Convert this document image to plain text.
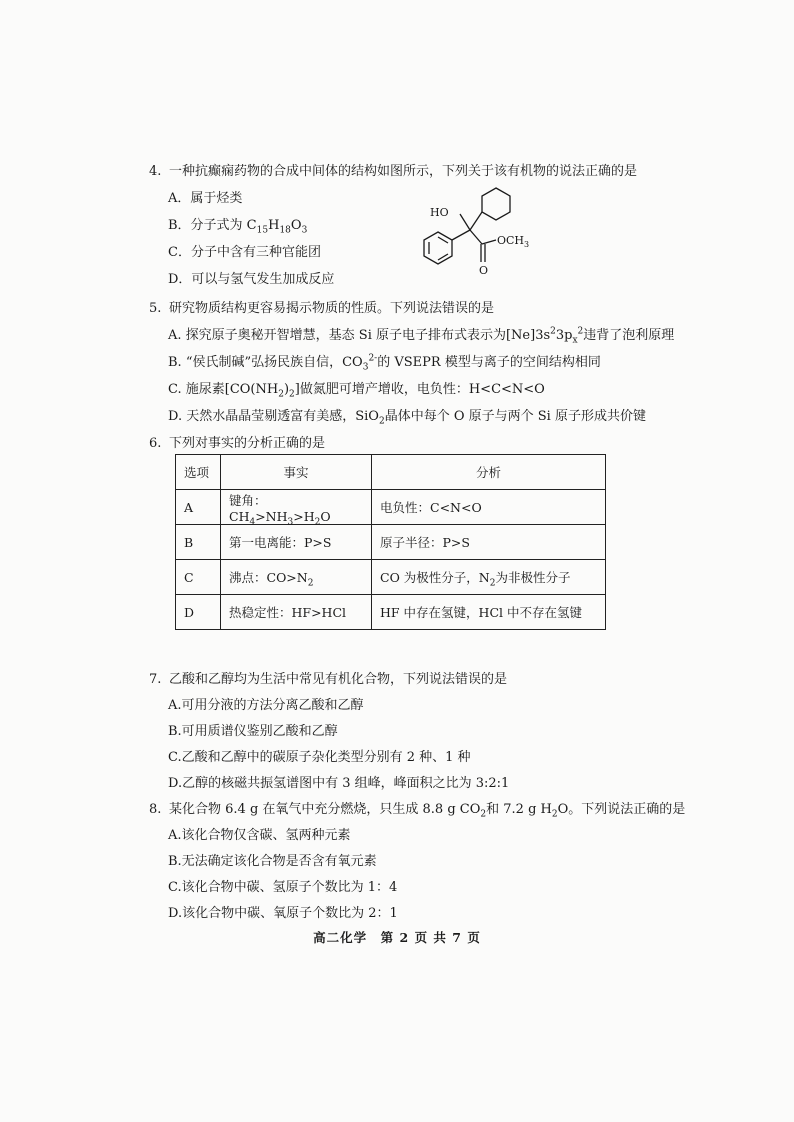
4. 一种抗癫痫药物的合成中间体的结构如图所示，下列关于该有机物的说法正确的是
A．属于烃类
B．分子式为 $C_{15}H_{18}O_3$
C．分子中含有三种官能团
D．可以与氢气发生加成反应
HO
$OCH_3$
O
5. 研究物质结构更容易揭示物质的性质。下列说法错误的是
A. 探究原子奥秘开智增慧，基态 Si 原子电子排布式表示为$[Ne]3s^23p_x^2$违背了泡利原理
B. “侯氏制碱”弘扬民族自信，$CO_3^{2-}$的 VSEPR 模型与离子的空间结构相同
C. 施尿素$[CO(NH_2)_2]$做氮肥可增产增收，电负性：H<C<N<O
D. 天然水晶晶莹剔透富有美感，SiO$_2$晶体中每个 O 原子与两个 Si 原子形成共价键
6. 下列对事实的分析正确的是
选项	事实	分析
A	键角：$CH_4>NH_3>H_2O$	电负性：C<N<O
B	第一电离能：P>S	原子半径：P>S
C	沸点：$CO>N_2$	CO 为极性分子，$N_2$为非极性分子
D	热稳定性：HF>HCl	HF 中存在氢键，HCl 中不存在氢键
7. 乙酸和乙醇均为生活中常见有机化合物，下列说法错误的是
A.可用分液的方法分离乙酸和乙醇
B.可用质谱仪鉴别乙酸和乙醇
C.乙酸和乙醇中的碳原子杂化类型分别有 2 种、1 种
D.乙醇的核磁共振氢谱图中有 3 组峰，峰面积之比为 3:2:1
8. 某化合物 6.4 g 在氧气中充分燃烧，只生成 8.8 g $CO_2$和 7.2 g $H_2O$。下列说法正确的是
A.该化合物仅含碳、氢两种元素
B.无法确定该化合物是否含有氧元素
C.该化合物中碳、氢原子个数比为 1：4
D.该化合物中碳、氧原子个数比为 2：1
高二化学　第 2 页 共 7 页
